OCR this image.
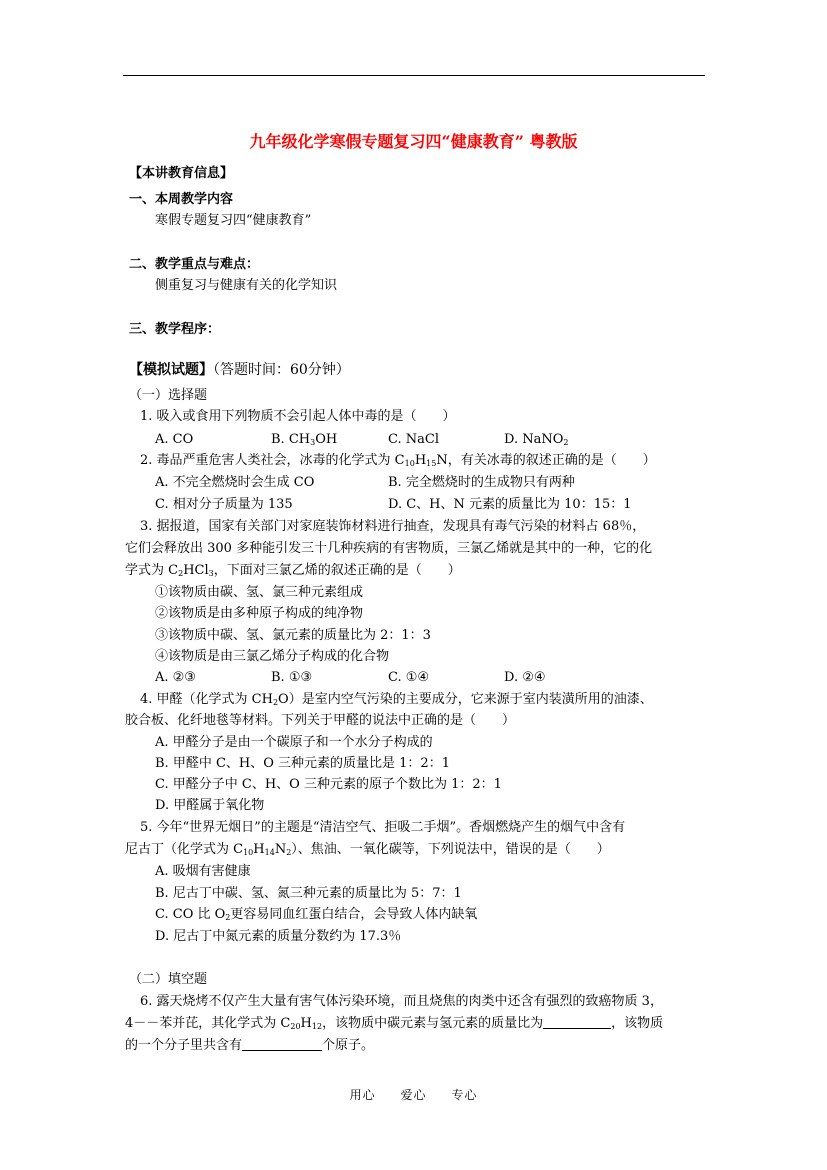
九年级化学寒假专题复习四“健康教育” 粤教版
【本讲教育信息】
一、本周教学内容
寒假专题复习四“健康教育”
二、教学重点与难点：
侧重复习与健康有关的化学知识
三、教学程序：
【模拟试题】（答题时间：60分钟）
（一）选择题
1. 吸入或食用下列物质不会引起人体中毒的是（　　）
A. CO	B. $CH_3OH$	C. NaCl	D. NaNO$_2$
2. 毒品严重危害人类社会，冰毒的化学式为 $C_{10}H_{15}N$，有关冰毒的叙述正确的是（　　）
A. 不完全燃烧时会生成 CO	B. 完全燃烧时的生成物只有两种
C. 相对分子质量为 135	D. C、H、N 元素的质量比为 10：15：1
3. 据报道，国家有关部门对家庭装饰材料进行抽查，发现具有毒气污染的材料占 68％，
它们会释放出 300 多种能引发三十几种疾病的有害物质，三氯乙烯就是其中的一种，它的化
学式为 $C_2HCl_3$，下面对三氯乙烯的叙述正确的是（　　）
①该物质由碳、氢、氯三种元素组成
②该物质是由多种原子构成的纯净物
③该物质中碳、氢、氯元素的质量比为 2：1：3
④该物质是由三氯乙烯分子构成的化合物
A. ②③	B. ①③	C. ①④	D. ②④
4. 甲醛（化学式为 $CH_2O$）是室内空气污染的主要成分，它来源于室内装潢所用的油漆、
胶合板、化纤地毯等材料。下列关于甲醛的说法中正确的是（　　）
A. 甲醛分子是由一个碳原子和一个水分子构成的
B. 甲醛中 C、H、O 三种元素的质量比是 1：2：1
C. 甲醛分子中 C、H、O 三种元素的原子个数比为 1：2：1
D. 甲醛属于氧化物
5. 今年“世界无烟日”的主题是“清洁空气、拒吸二手烟”。香烟燃烧产生的烟气中含有
尼古丁（化学式为 $C_{10}H_{14}N_2$）、焦油、一氧化碳等，下列说法中，错误的是（　　）
A. 吸烟有害健康
B. 尼古丁中碳、氢、氮三种元素的质量比为 5：7：1
C. CO 比 $O_2$更容易同血红蛋白结合，会导致人体内缺氧
D. 尼古丁中氮元素的质量分数约为 17.3％
（二）填空题
6. 露天烧烤不仅产生大量有害气体污染环境，而且烧焦的肉类中还含有强烈的致癌物质 3，
4－－苯并芘，其化学式为 $C_{20}H_{12}$，该物质中碳元素与氢元素的质量比为	，该物质
的一个分子里共含有	个原子。
用心 爱心 专心
